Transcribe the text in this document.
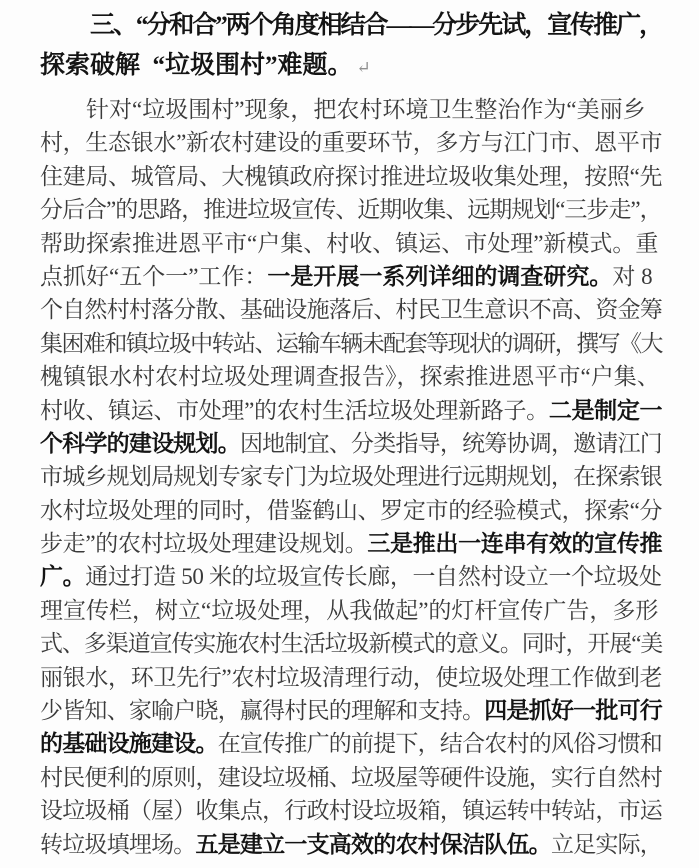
三、“分和合”两个角度相结合——分步先试，宣传推广，
探索破解  “垃圾围村”难题。 ↵
针对“垃圾围村”现象，把农村环境卫生整治作为“美丽乡
村，生态银水”新农村建设的重要环节，多方与江门市、恩平市
住建局、城管局、大槐镇政府探讨推进垃圾收集处理，按照“先
分后合”的思路，推进垃圾宣传、近期收集、远期规划“三步走”，
帮助探索推进恩平市“户集、村收、镇运、市处理”新模式。重
点抓好“五个一”工作：一是开展一系列详细的调查研究。对 8
个自然村村落分散、基础设施落后、村民卫生意识不高、资金筹
集困难和镇垃圾中转站、运输车辆未配套等现状的调研，撰写《大
槐镇银水村农村垃圾处理调查报告》，探索推进恩平市“户集、
村收、镇运、市处理”的农村生活垃圾处理新路子。二是制定一
个科学的建设规划。因地制宜、分类指导，统筹协调，邀请江门
市城乡规划局规划专家专门为垃圾处理进行远期规划，在探索银
水村垃圾处理的同时，借鉴鹤山、罗定市的经验模式，探索“分
步走”的农村垃圾处理建设规划。三是推出一连串有效的宣传推
广。通过打造 50 米的垃圾宣传长廊，一自然村设立一个垃圾处
理宣传栏，树立“垃圾处理，从我做起”的灯杆宣传广告，多形
式、多渠道宣传实施农村生活垃圾新模式的意义。同时，开展“美
丽银水，环卫先行”农村垃圾清理行动，使垃圾处理工作做到老
少皆知、家喻户晓，赢得村民的理解和支持。四是抓好一批可行
的基础设施建设。在宣传推广的前提下，结合农村的风俗习惯和
村民便利的原则，建设垃圾桶、垃圾屋等硬件设施，实行自然村
设垃圾桶（屋）收集点，行政村设垃圾箱，镇运转中转站，市运
转垃圾填埋场。五是建立一支高效的农村保洁队伍。立足实际，
